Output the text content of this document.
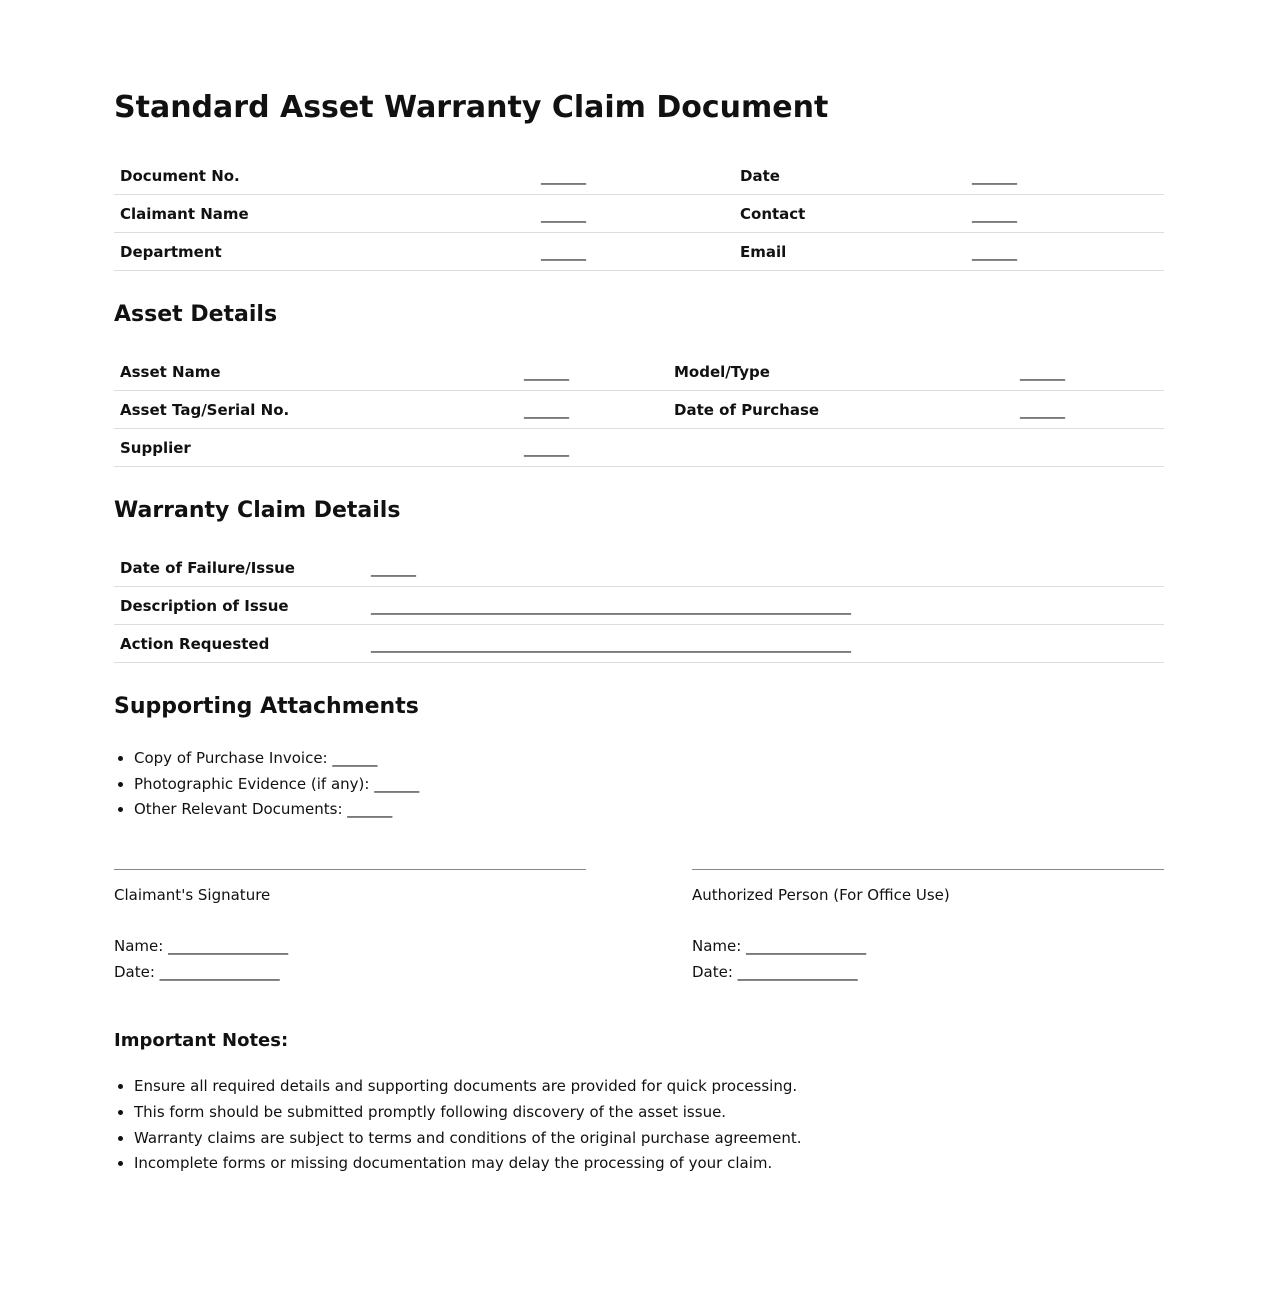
Standard Asset Warranty Claim Document
Document No.	______	Date	______
Claimant Name	______	Contact	______
Department	______	Email	______
Asset Details
Asset Name	______	Model/Type	______
Asset Tag/Serial No.	______	Date of Purchase	______
Supplier	______		
Warranty Claim Details
Date of Failure/Issue	______
Description of Issue	________________________________________________________________
Action Requested	________________________________________________________________
Supporting Attachments
• Copy of Purchase Invoice: ______
• Photographic Evidence (if any): ______
• Other Relevant Documents: ______
Claimant's Signature
Name: ________________
Date: ________________
Authorized Person (For Office Use)
Name: ________________
Date: ________________
Important Notes:
• Ensure all required details and supporting documents are provided for quick processing.
• This form should be submitted promptly following discovery of the asset issue.
• Warranty claims are subject to terms and conditions of the original purchase agreement.
• Incomplete forms or missing documentation may delay the processing of your claim.
